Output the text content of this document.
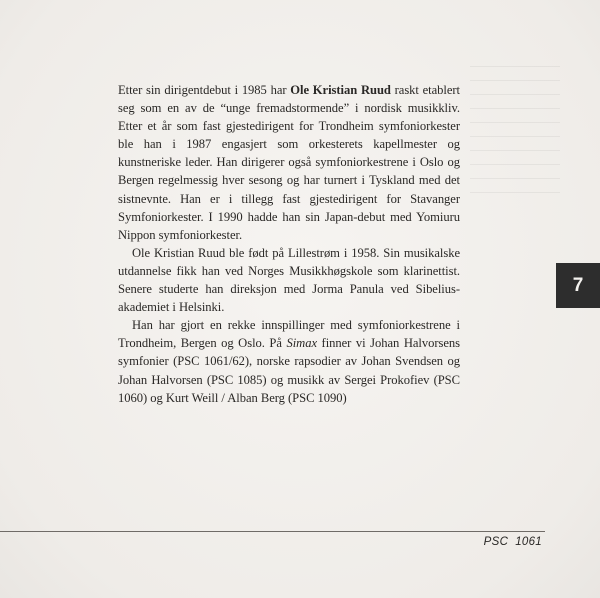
Etter sin dirigentdebut i 1985 har Ole Kristian Ruud raskt etablert seg som en av de “unge fremadstormende” i nordisk musikkliv. Etter et år som fast gjestedirigent for Trondheim symfoniorkester ble han i 1987 engasjert som orkesterets kapellmester og kunstneriske leder. Han dirigerer også symfoniorkestrene i Oslo og Bergen regelmessig hver sesong og har turnert i Tyskland med det sistnevnte. Han er i tillegg fast gjestedirigent for Stavanger Symfoniorkester. I 1990 hadde han sin Japan-debut med Yomiuru Nippon symfoniorkester.

Ole Kristian Ruud ble født på Lillestrøm i 1958. Sin musikalske utdannelse fikk han ved Norges Musikkhøgskole som klarinettist. Senere studerte han direksjon med Jorma Panula ved Sibelius-akademiet i Helsinki.

Han har gjort en rekke innspillinger med symfoniorkestrene i Trondheim, Bergen og Oslo. På Simax finner vi Johan Halvorsens symfonier (PSC 1061/62), norske rapsodier av Johan Svendsen og Johan Halvorsen (PSC 1085) og musikk av Sergei Prokofiev (PSC 1060) og Kurt Weill / Alban Berg (PSC 1090)

7
PSC  1061
